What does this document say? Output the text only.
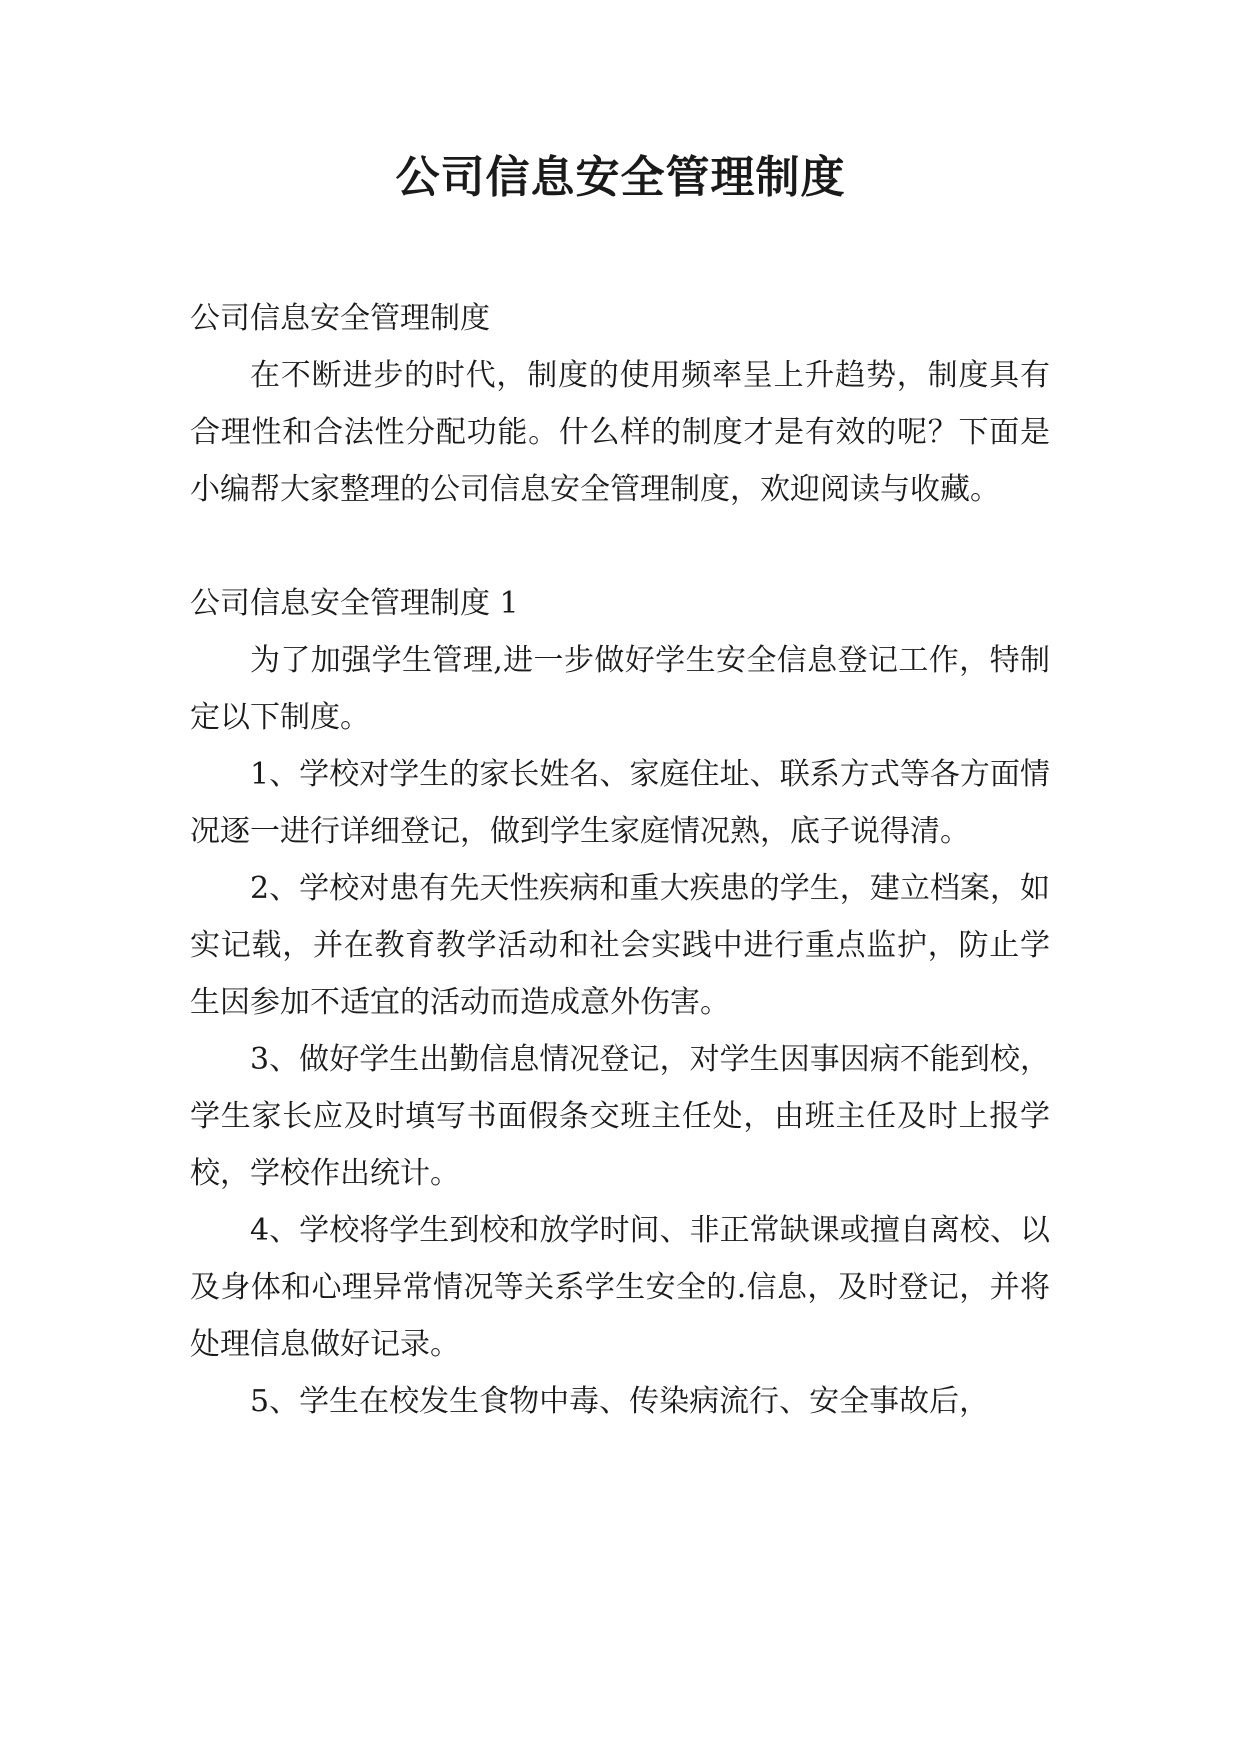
公司信息安全管理制度

公司信息安全管理制度

在不断进步的时代，制度的使用频率呈上升趋势，制度具有合理性和合法性分配功能。什么样的制度才是有效的呢？下面是小编帮大家整理的公司信息安全管理制度，欢迎阅读与收藏。

公司信息安全管理制度 1

为了加强学生管理,进一步做好学生安全信息登记工作，特制定以下制度。

1、学校对学生的家长姓名、家庭住址、联系方式等各方面情况逐一进行详细登记，做到学生家庭情况熟，底子说得清。

2、学校对患有先天性疾病和重大疾患的学生，建立档案，如实记载，并在教育教学活动和社会实践中进行重点监护，防止学生因参加不适宜的活动而造成意外伤害。

3、做好学生出勤信息情况登记，对学生因事因病不能到校，学生家长应及时填写书面假条交班主任处，由班主任及时上报学校，学校作出统计。

4、学校将学生到校和放学时间、非正常缺课或擅自离校、以及身体和心理异常情况等关系学生安全的.信息，及时登记，并将处理信息做好记录。

5、学生在校发生食物中毒、传染病流行、安全事故后，
